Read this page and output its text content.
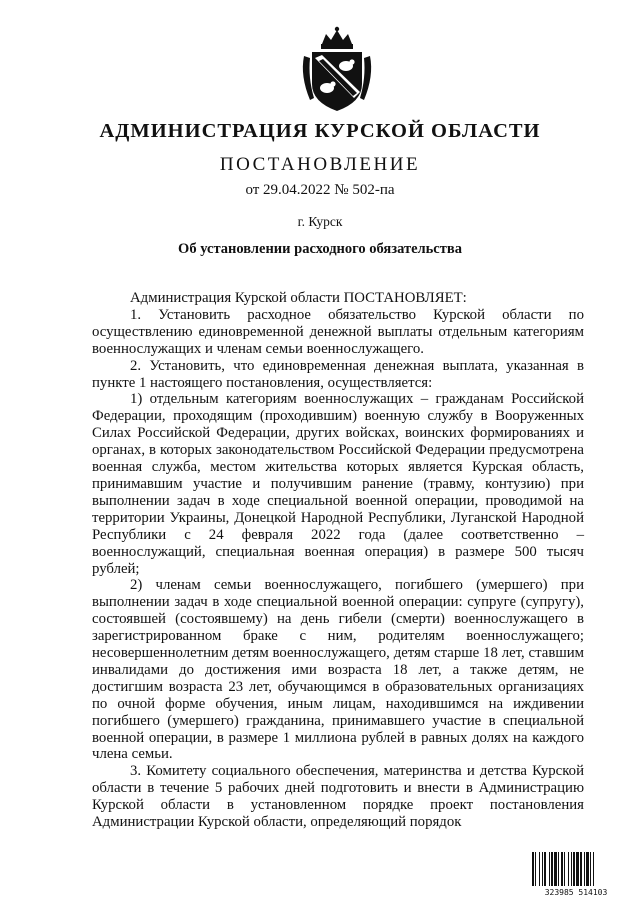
АДМИНИСТРАЦИЯ КУРСКОЙ ОБЛАСТИ
ПОСТАНОВЛЕНИЕ
от 29.04.2022 № 502-па
г. Курск
Об установлении расходного обязательства

Администрация Курской области ПОСТАНОВЛЯЕТ:

1. Установить расходное обязательство Курской области по осуществлению единовременной денежной выплаты отдельным категориям военнослужащих и членам семьи военнослужащего.

2. Установить, что единовременная денежная выплата, указанная в пункте 1 настоящего постановления, осуществляется:

1) отдельным категориям военнослужащих – гражданам Российской Федерации, проходящим (проходившим) военную службу в Вооруженных Силах Российской Федерации, других войсках, воинских формированиях и органах, в которых законодательством Российской Федерации предусмотрена военная служба, местом жительства которых является Курская область, принимавшим участие и получившим ранение (травму, контузию) при выполнении задач в ходе специальной военной операции, проводимой на территории Украины, Донецкой Народной Республики, Луганской Народной Республики с 24 февраля 2022 года (далее соответственно – военнослужащий, специальная военная операция) в размере 500 тысяч рублей;

2) членам семьи военнослужащего, погибшего (умершего) при выполнении задач в ходе специальной военной операции: супруге (супругу), состоявшей (состоявшему) на день гибели (смерти) военнослужащего в зарегистрированном браке с ним, родителям военнослужащего; несовершеннолетним детям военнослужащего, детям старше 18 лет, ставшим инвалидами до достижения ими возраста 18 лет, а также детям, не достигшим возраста 23 лет, обучающимся в образовательных организациях по очной форме обучения, иным лицам, находившимся на иждивении погибшего (умершего) гражданина, принимавшего участие в специальной военной операции, в размере 1 миллиона рублей в равных долях на каждого члена семьи.

3. Комитету социального обеспечения, материнства и детства Курской области в течение 5 рабочих дней подготовить и внести в Администрацию Курской области в установленном порядке проект постановления Администрации Курской области, определяющий порядок

323985 514103
